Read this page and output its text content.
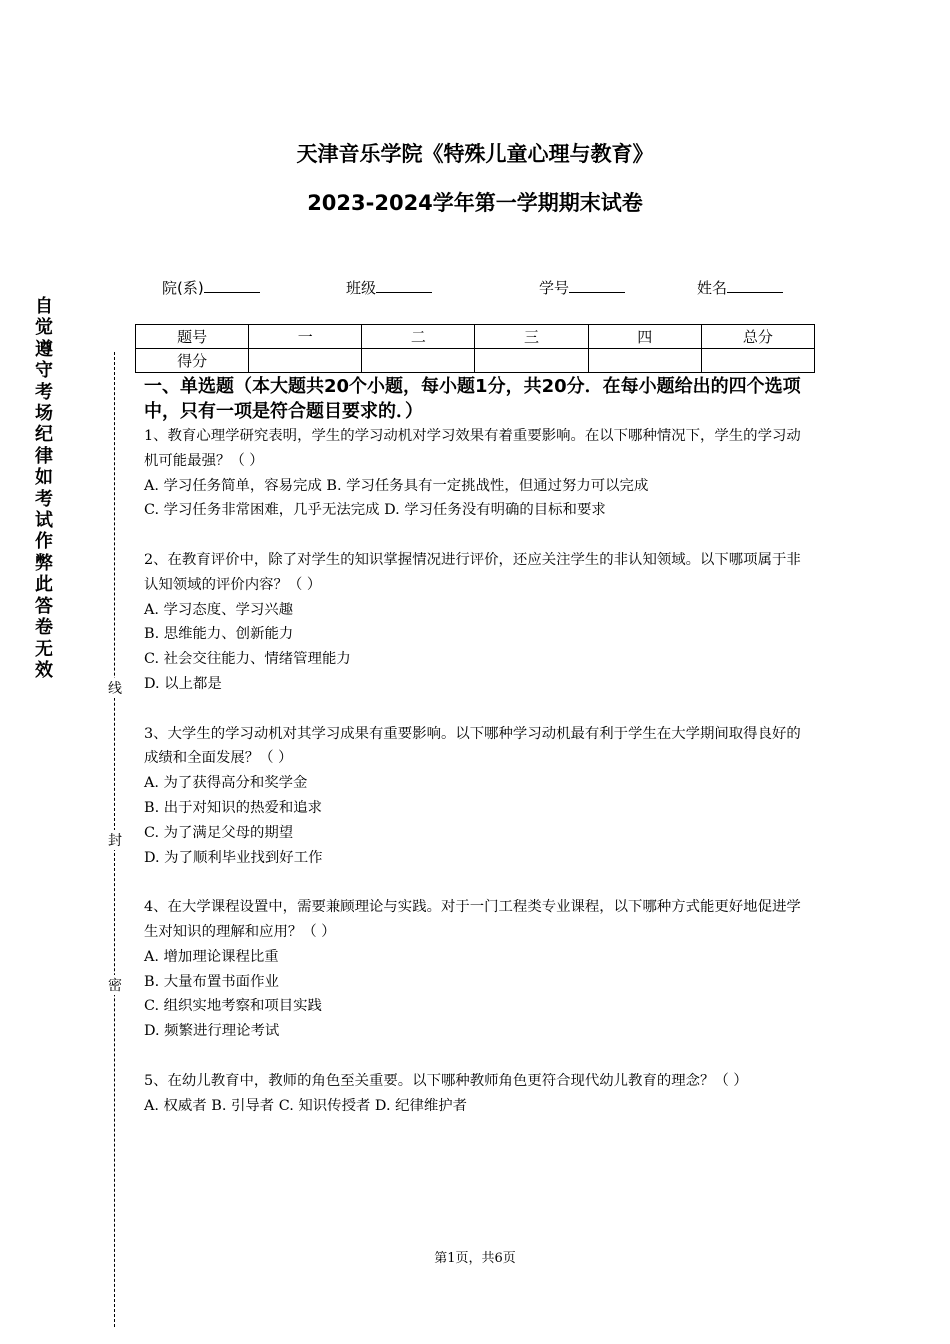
天津音乐学院《特殊儿童心理与教育》
2023-2024学年第一学期期末试卷
院(系)	班级	学号	姓名
题号	一	二	三	四	总分
得分					
自觉遵守考场纪律如考试作弊此答卷无效
线
封
密

一、单选题（本大题共20个小题，每小题1分，共20分．在每小题给出的四个选项中，只有一项是符合题目要求的．）

1、教育心理学研究表明，学生的学习动机对学习效果有着重要影响。在以下哪种情况下，学生的学习动机可能最强？（ ）

A. 学习任务简单，容易完成 B. 学习任务具有一定挑战性，但通过努力可以完成

C. 学习任务非常困难，几乎无法完成 D. 学习任务没有明确的目标和要求

2、在教育评价中，除了对学生的知识掌握情况进行评价，还应关注学生的非认知领域。以下哪项属于非认知领域的评价内容？（ ）

A. 学习态度、学习兴趣

B. 思维能力、创新能力

C. 社会交往能力、情绪管理能力

D. 以上都是

3、大学生的学习动机对其学习成果有重要影响。以下哪种学习动机最有利于学生在大学期间取得良好的成绩和全面发展？（ ）

A. 为了获得高分和奖学金

B. 出于对知识的热爱和追求

C. 为了满足父母的期望

D. 为了顺利毕业找到好工作

4、在大学课程设置中，需要兼顾理论与实践。对于一门工程类专业课程，以下哪种方式能更好地促进学生对知识的理解和应用？（ ）

A. 增加理论课程比重

B. 大量布置书面作业

C. 组织实地考察和项目实践

D. 频繁进行理论考试

5、在幼儿教育中，教师的角色至关重要。以下哪种教师角色更符合现代幼儿教育的理念？（ ）

A. 权威者 B. 引导者 C. 知识传授者 D. 纪律维护者

第1页，共6页
